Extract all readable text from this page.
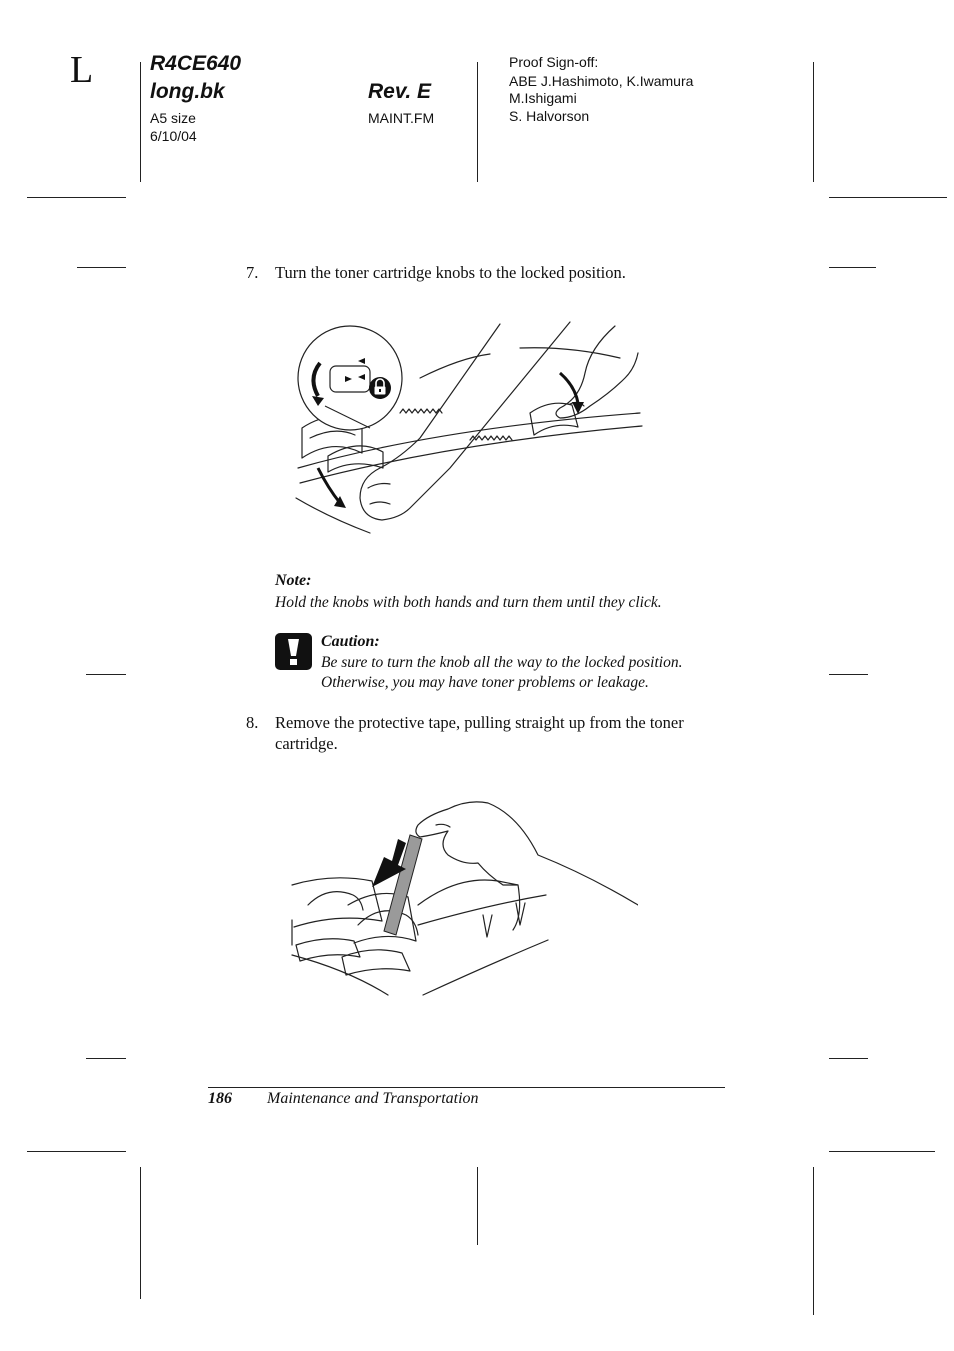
L	R4CE640
long.bk
A5 size
6/10/04
Rev. E
MAINT.FM
Proof Sign-off:
ABE J.Hashimoto, K.Iwamura
M.Ishigami
S. Halvorson
7. Turn the toner cartridge knobs to the locked position.
Note:
Hold the knobs with both hands and turn them until they click.
Caution:
Be sure to turn the knob all the way to the locked position.
Otherwise, you may have toner problems or leakage.
8. Remove the protective tape, pulling straight up from the toner
cartridge.
186 Maintenance and Transportation
